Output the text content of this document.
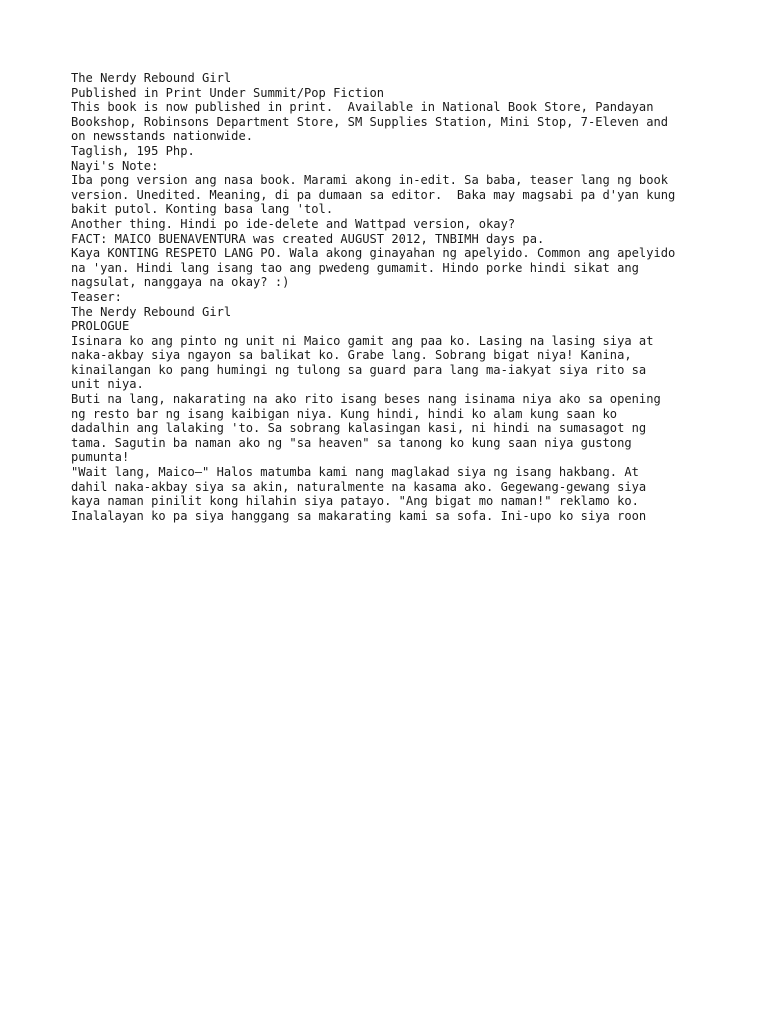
The Nerdy Rebound Girl
Published in Print Under Summit/Pop Fiction
This book is now published in print.  Available in National Book Store, Pandayan
Bookshop, Robinsons Department Store, SM Supplies Station, Mini Stop, 7-Eleven and
on newsstands nationwide.
Taglish, 195 Php.
Nayi's Note:
Iba pong version ang nasa book. Marami akong in-edit. Sa baba, teaser lang ng book
version. Unedited. Meaning, di pa dumaan sa editor.  Baka may magsabi pa d'yan kung
bakit putol. Konting basa lang 'tol.
Another thing. Hindi po ide-delete and Wattpad version, okay?
FACT: MAICO BUENAVENTURA was created AUGUST 2012, TNBIMH days pa.
Kaya KONTING RESPETO LANG PO. Wala akong ginayahan ng apelyido. Common ang apelyido
na 'yan. Hindi lang isang tao ang pwedeng gumamit. Hindo porke hindi sikat ang
nagsulat, nanggaya na okay? :)
Teaser:
The Nerdy Rebound Girl
PROLOGUE
Isinara ko ang pinto ng unit ni Maico gamit ang paa ko. Lasing na lasing siya at
naka-akbay siya ngayon sa balikat ko. Grabe lang. Sobrang bigat niya! Kanina,
kinailangan ko pang humingi ng tulong sa guard para lang ma-iakyat siya rito sa
unit niya.
Buti na lang, nakarating na ako rito isang beses nang isinama niya ako sa opening
ng resto bar ng isang kaibigan niya. Kung hindi, hindi ko alam kung saan ko
dadalhin ang lalaking 'to. Sa sobrang kalasingan kasi, ni hindi na sumasagot ng
tama. Sagutin ba naman ako ng "sa heaven" sa tanong ko kung saan niya gustong
pumunta!
"Wait lang, Maico—" Halos matumba kami nang maglakad siya ng isang hakbang. At
dahil naka-akbay siya sa akin, naturalmente na kasama ako. Gegewang-gewang siya
kaya naman pinilit kong hilahin siya patayo. "Ang bigat mo naman!" reklamo ko.
Inalalayan ko pa siya hanggang sa makarating kami sa sofa. Ini-upo ko siya roon
